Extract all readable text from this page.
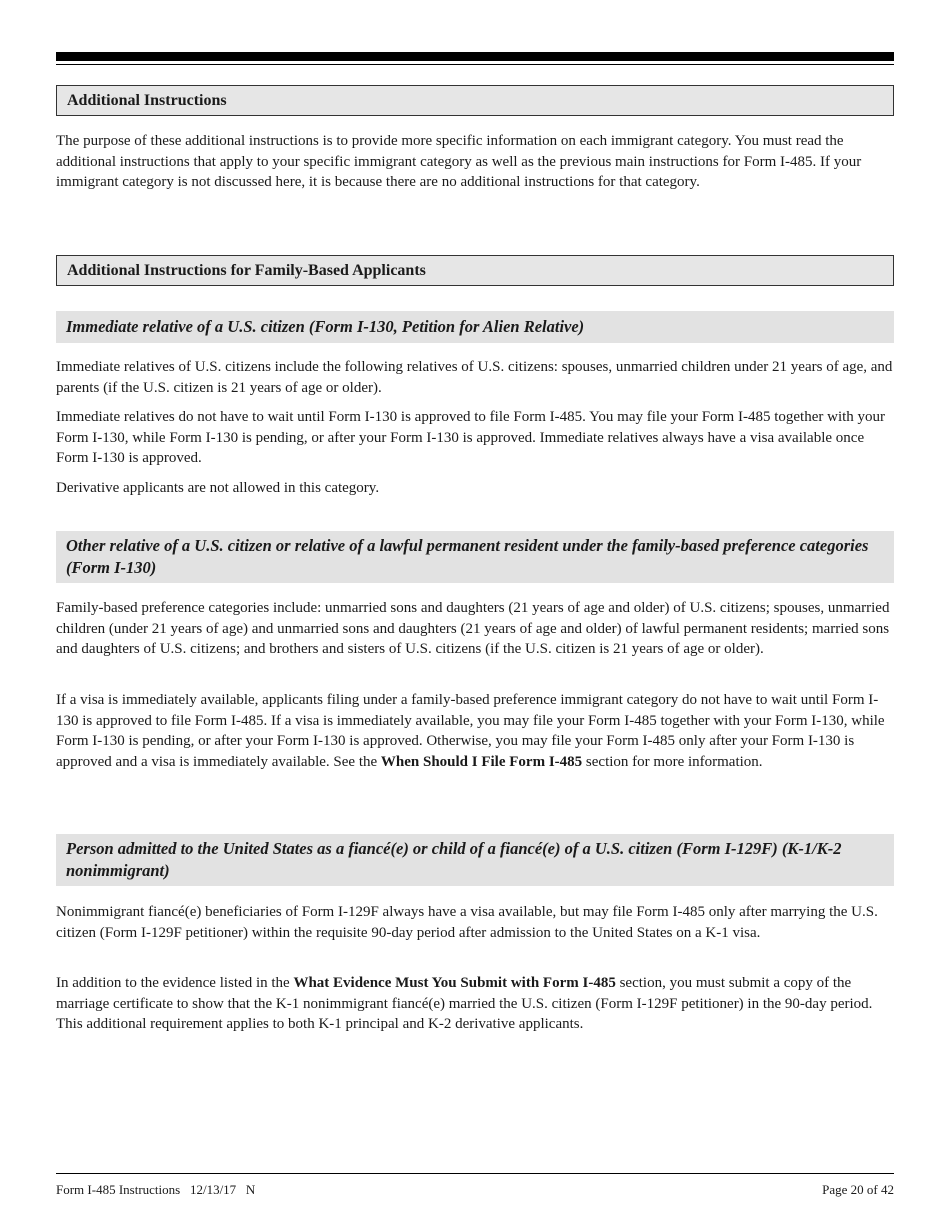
Additional Instructions

The purpose of these additional instructions is to provide more specific information on each immigrant category. You must read the additional instructions that apply to your specific immigrant category as well as the previous main instructions for Form I-485. If your immigrant category is not discussed here, it is because there are no additional instructions for that category.

Additional Instructions for Family-Based Applicants
Immediate relative of a U.S. citizen (Form I-130, Petition for Alien Relative)

Immediate relatives of U.S. citizens include the following relatives of U.S. citizens: spouses, unmarried children under 21 years of age, and parents (if the U.S. citizen is 21 years of age or older).

Immediate relatives do not have to wait until Form I-130 is approved to file Form I-485. You may file your Form I-485 together with your Form I-130, while Form I-130 is pending, or after your Form I-130 is approved. Immediate relatives always have a visa available once Form I-130 is approved.

Derivative applicants are not allowed in this category.

Other relative of a U.S. citizen or relative of a lawful permanent resident under the family-based preference categories (Form I-130)

Family-based preference categories include: unmarried sons and daughters (21 years of age and older) of U.S. citizens; spouses, unmarried children (under 21 years of age) and unmarried sons and daughters (21 years of age and older) of lawful permanent residents; married sons and daughters of U.S. citizens; and brothers and sisters of U.S. citizens (if the U.S. citizen is 21 years of age or older).

If a visa is immediately available, applicants filing under a family-based preference immigrant category do not have to wait until Form I-130 is approved to file Form I-485. If a visa is immediately available, you may file your Form I-485 together with your Form I-130, while Form I-130 is pending, or after your Form I-130 is approved. Otherwise, you may file your Form I-485 only after your Form I-130 is approved and a visa is immediately available. See the When Should I File Form I-485 section for more information.

Person admitted to the United States as a fiancé(e) or child of a fiancé(e) of a U.S. citizen (Form I-129F) (K-1/K-2 nonimmigrant)

Nonimmigrant fiancé(e) beneficiaries of Form I-129F always have a visa available, but may file Form I-485 only after marrying the U.S. citizen (Form I-129F petitioner) within the requisite 90-day period after admission to the United States on a K-1 visa.

In addition to the evidence listed in the What Evidence Must You Submit with Form I-485 section, you must submit a copy of the marriage certificate to show that the K-1 nonimmigrant fiancé(e) married the U.S. citizen (Form I-129F petitioner) in the 90-day period. This additional requirement applies to both K-1 principal and K-2 derivative applicants.

Form I-485 Instructions   12/13/17   N	Page 20 of 42
